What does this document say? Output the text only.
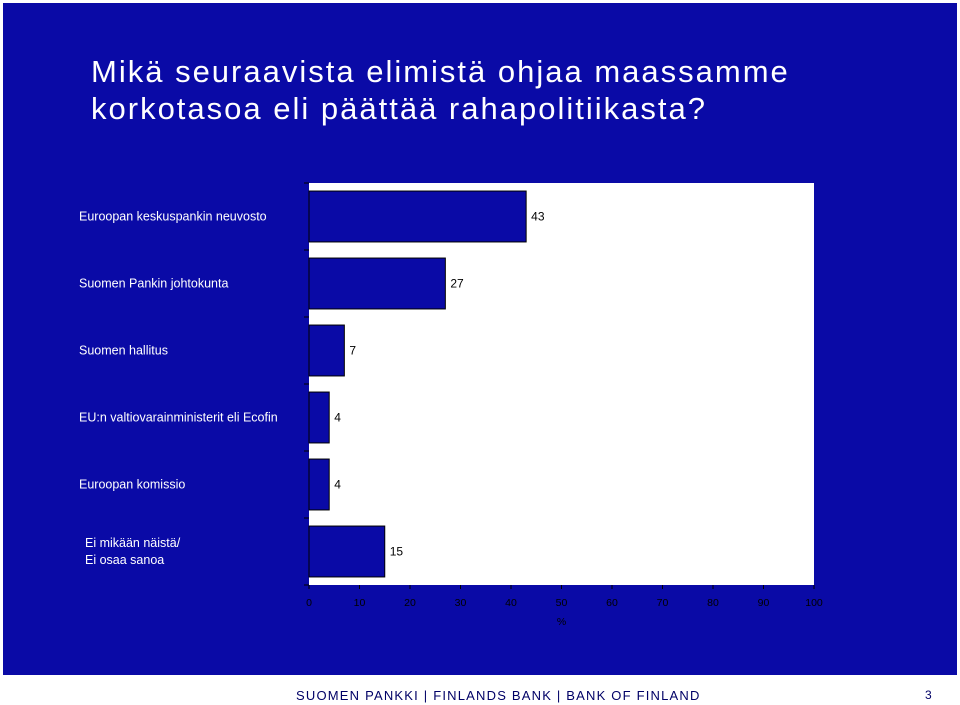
Mikä seuraavista elimistä ohjaa maassamme
korkotasoa eli päättää rahapolitiikasta?
43
Euroopan keskuspankin neuvosto
27
Suomen Pankin johtokunta
7
Suomen hallitus
4
EU:n valtiovarainministerit eli Ecofin
4
Euroopan komissio
15
Ei mikään näistä/
Ei osaa sanoa
0	10	20	30	40	50	60	70	80	90	100
%
SUOMEN PANKKI | FINLANDS BANK | BANK OF FINLAND	3
